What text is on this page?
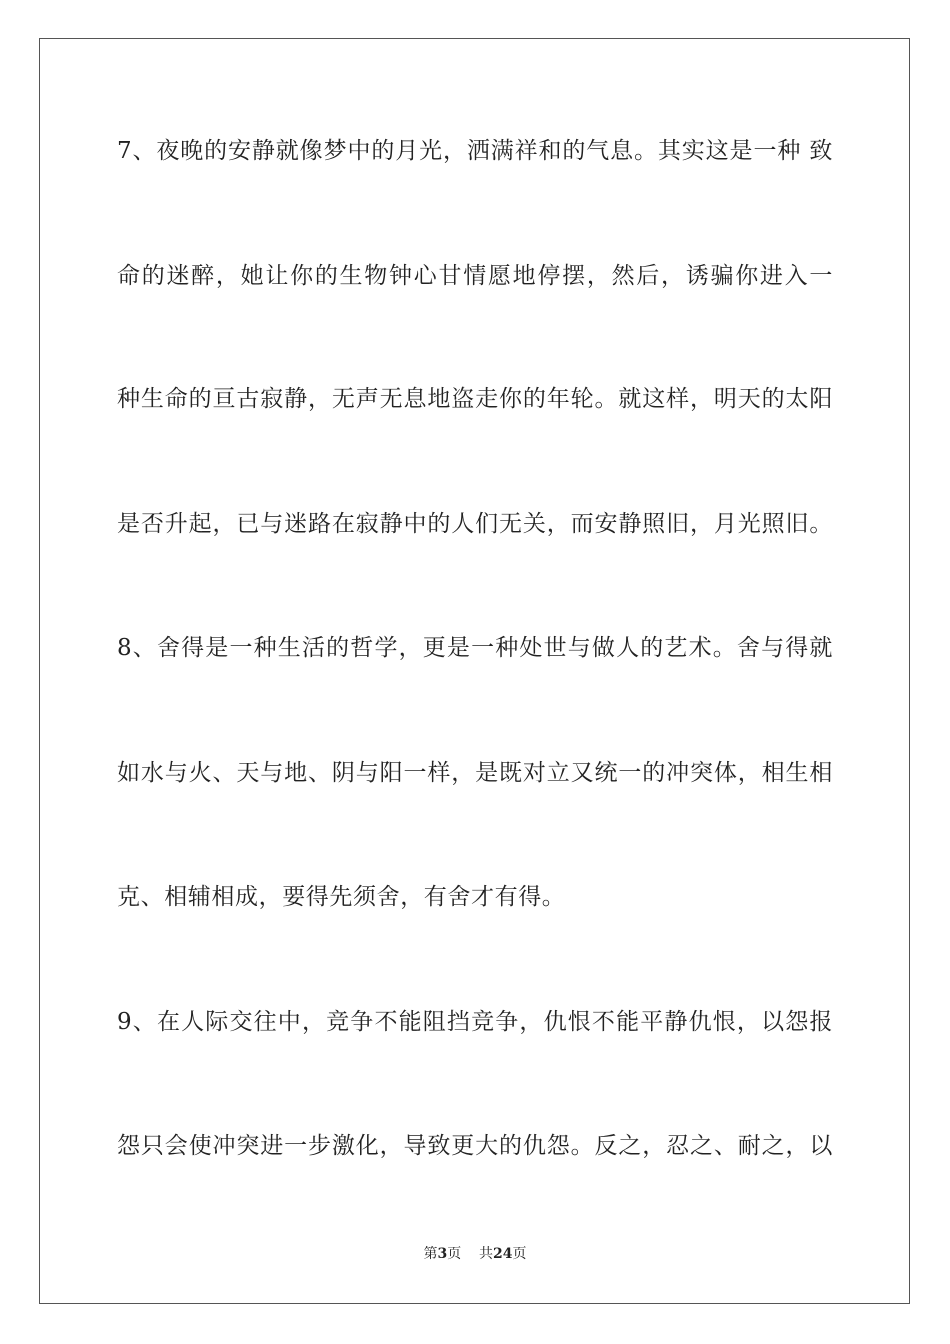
7、夜晚的安静就像梦中的月光，洒满祥和的气息。其实这是一种 致
命的迷醉，她让你的生物钟心甘情愿地停摆，然后，诱骗你进入一
种生命的亘古寂静，无声无息地盗走你的年轮。就这样，明天的太阳
是否升起，已与迷路在寂静中的人们无关，而安静照旧，月光照旧。
8、舍得是一种生活的哲学，更是一种处世与做人的艺术。舍与得就
如水与火、天与地、阴与阳一样，是既对立又统一的冲突体，相生相
克、相辅相成，要得先须舍，有舍才有得。
9、在人际交往中，竞争不能阻挡竞争，仇恨不能平静仇恨，以怨报
怨只会使冲突进一步激化，导致更大的仇怨。反之，忍之、耐之，以
第3页 共24页
